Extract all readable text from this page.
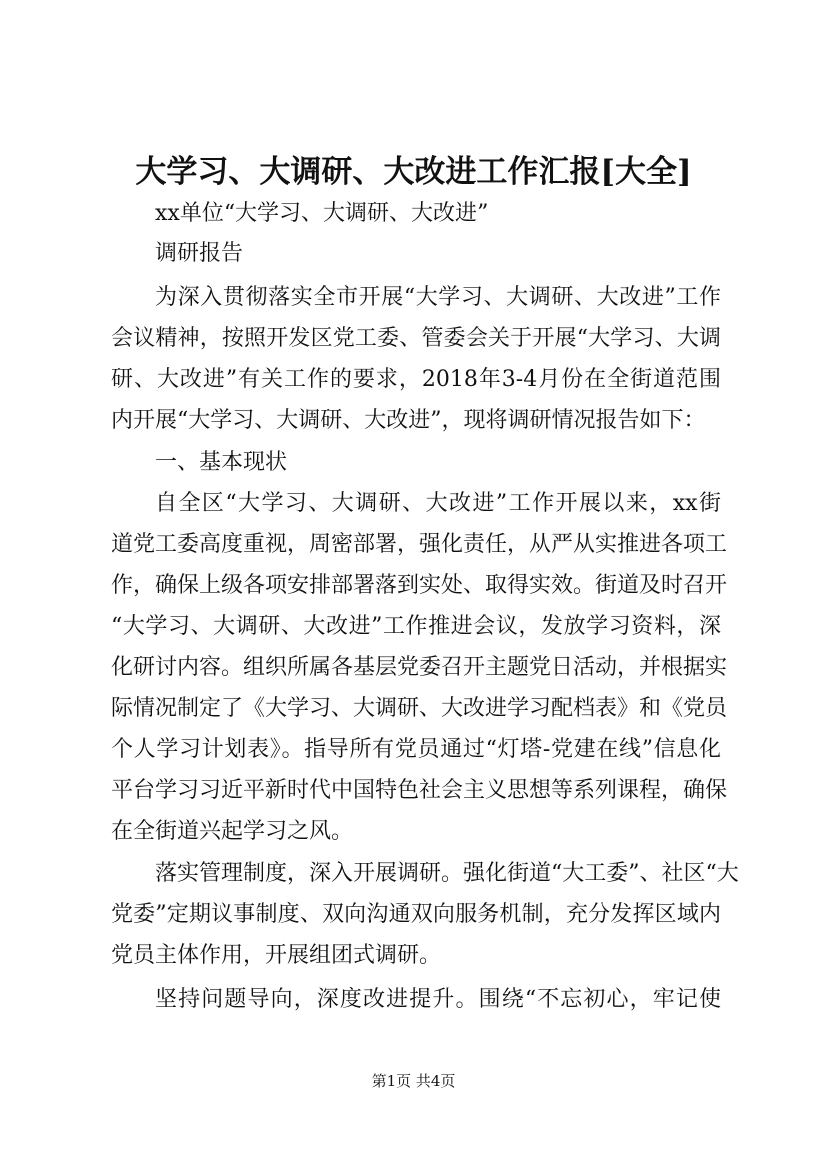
大学习、大调研、大改进工作汇报[大全]
xx单位“大学习、大调研、大改进”
调研报告
为深入贯彻落实全市开展“大学习、大调研、大改进”工作
会议精神，按照开发区党工委、管委会关于开展“大学习、大调
研、大改进”有关工作的要求，2018年3-4月份在全街道范围
内开展“大学习、大调研、大改进”，现将调研情况报告如下：
一、基本现状
自全区“大学习、大调研、大改进”工作开展以来，xx街
道党工委高度重视，周密部署，强化责任，从严从实推进各项工
作，确保上级各项安排部署落到实处、取得实效。街道及时召开
“大学习、大调研、大改进”工作推进会议，发放学习资料，深
化研讨内容。组织所属各基层党委召开主题党日活动，并根据实
际情况制定了《大学习、大调研、大改进学习配档表》和《党员
个人学习计划表》。指导所有党员通过“灯塔-党建在线”信息化
平台学习习近平新时代中国特色社会主义思想等系列课程，确保
在全街道兴起学习之风。
落实管理制度，深入开展调研。强化街道“大工委”、社区“大
党委”定期议事制度、双向沟通双向服务机制，充分发挥区域内
党员主体作用，开展组团式调研。
坚持问题导向，深度改进提升。围绕“不忘初心，牢记使
第1页 共4页
